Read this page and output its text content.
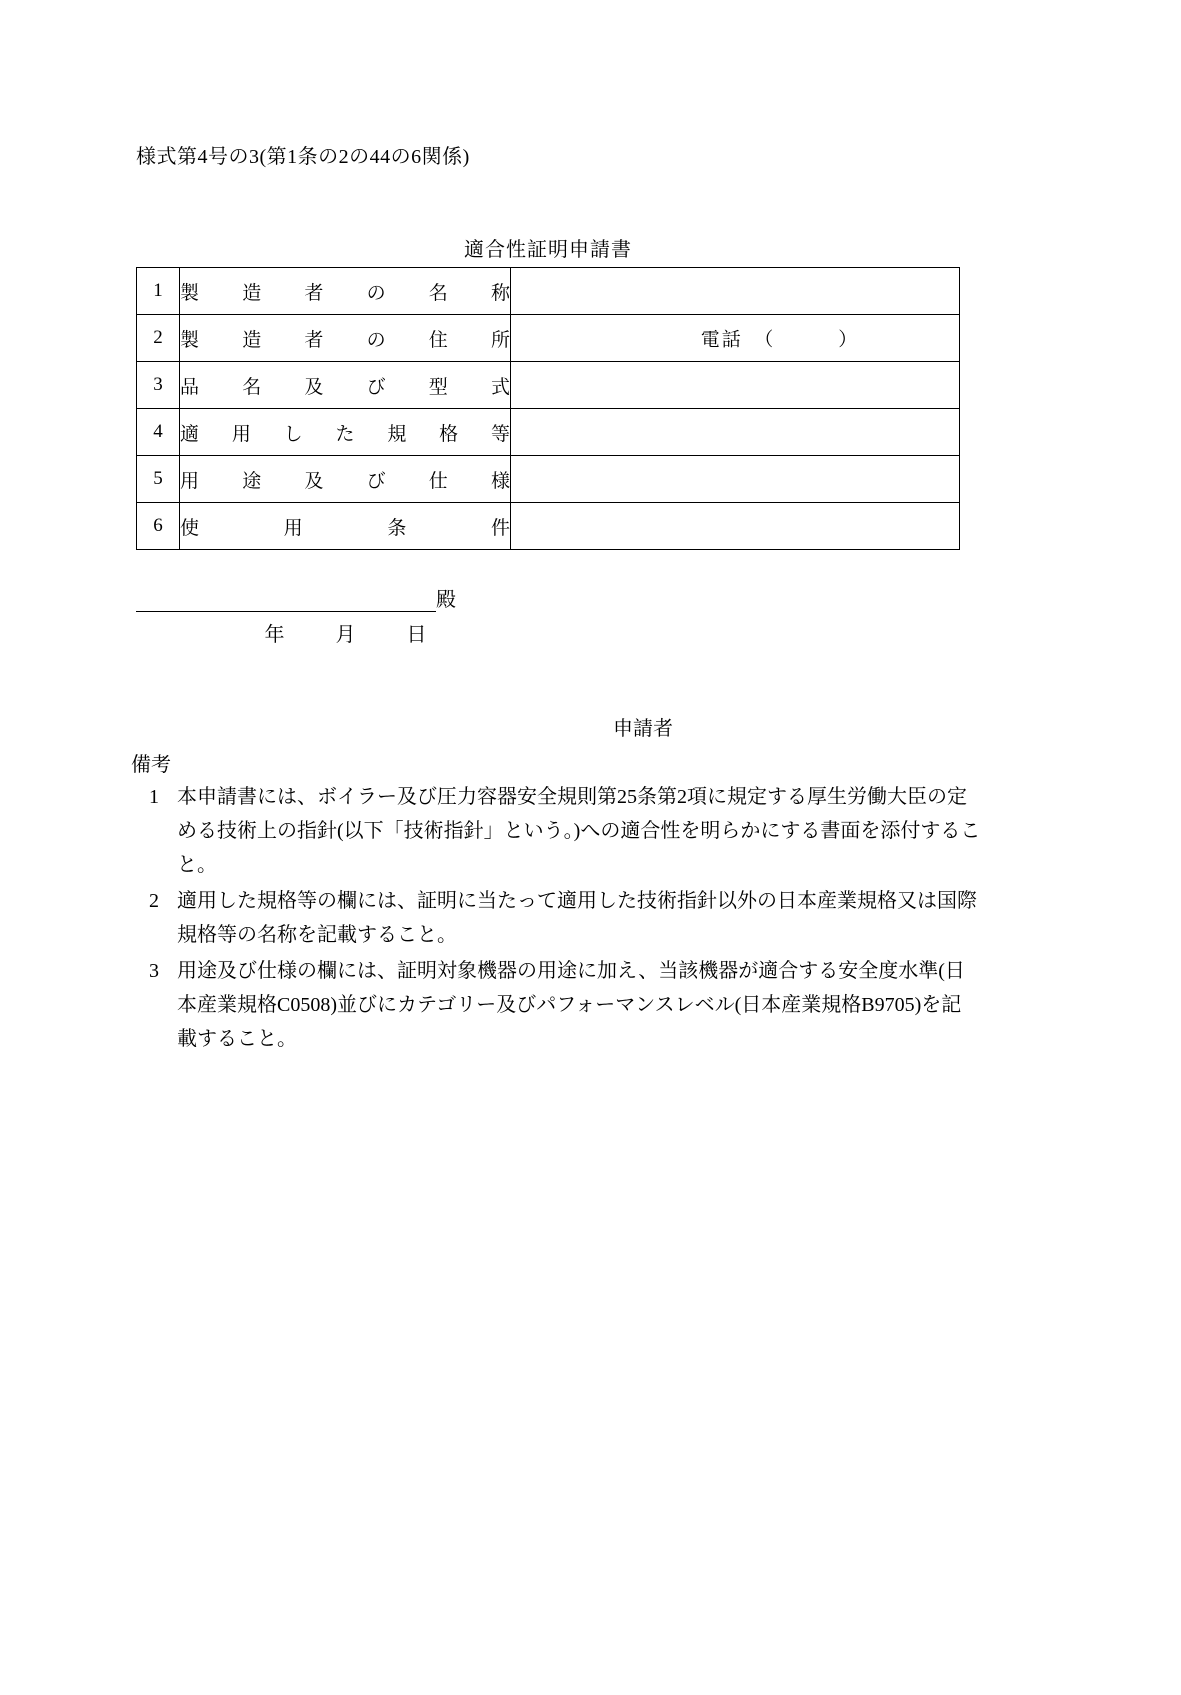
様式第4号の3(第1条の2の44の6関係)
適合性証明申請書
1	製 造 者 の 名 称

2	製 造 者 の 住 所	電話　（　　　）

3	品 名 及 び 型 式

4	適 用 し た 規 格 等

5	用 途 及 び 仕 様

6	使 用 条 件	

殿
年	月	日
申請者
備考
1 本申請書には、ボイラー及び圧力容器安全規則第25条第2項に規定する厚生労働大臣の定める技術上の指針(以下「技術指針」という。)への適合性を明らかにする書面を添付すること。
2 適用した規格等の欄には、証明に当たって適用した技術指針以外の日本産業規格又は国際規格等の名称を記載すること。
3 用途及び仕様の欄には、証明対象機器の用途に加え、当該機器が適合する安全度水準(日本産業規格C0508)並びにカテゴリー及びパフォーマンスレベル(日本産業規格B9705)を記載すること。
